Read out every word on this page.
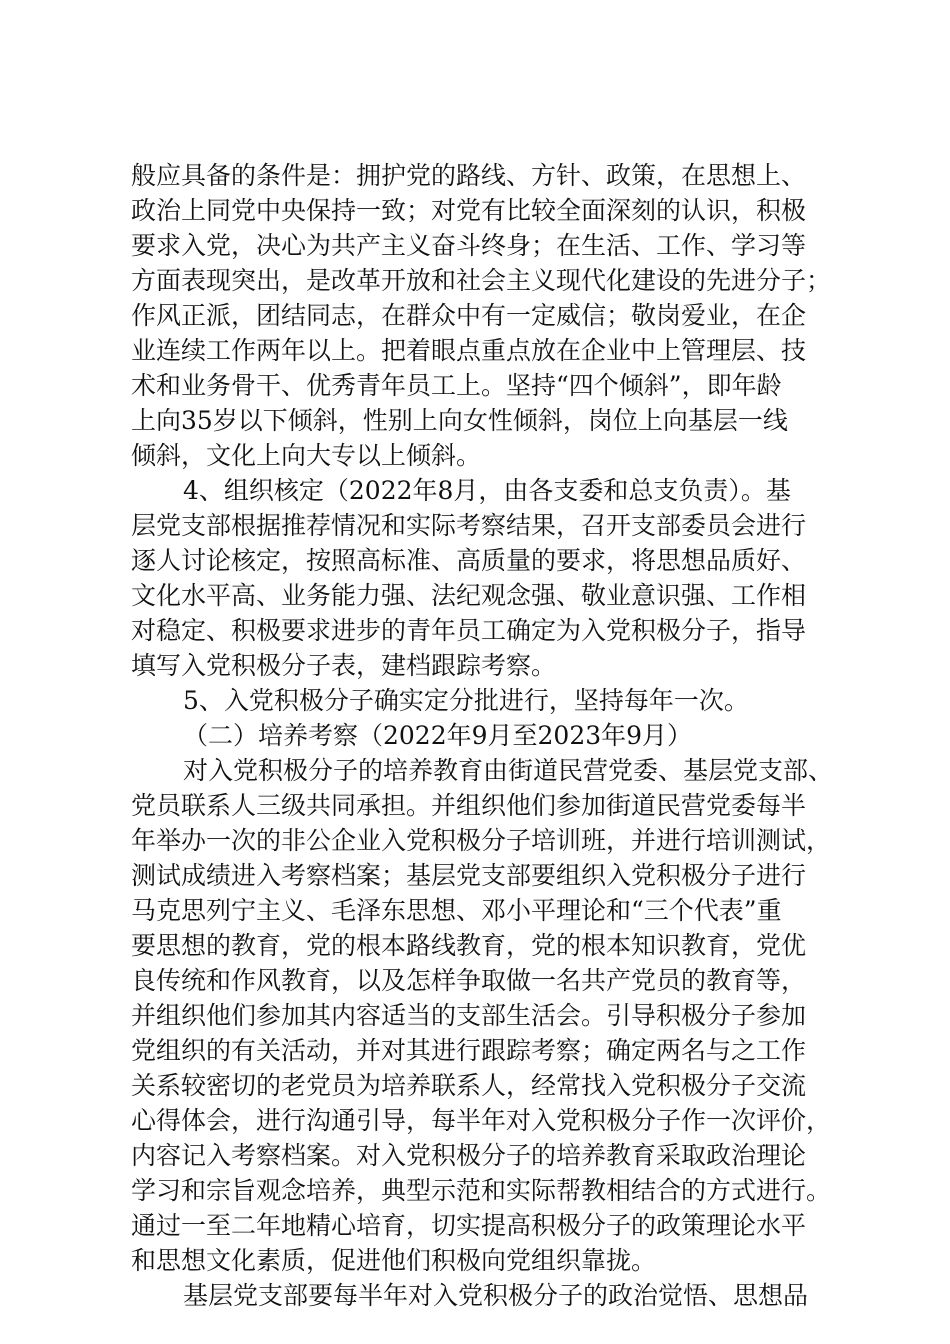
般应具备的条件是：拥护党的路线、方针、政策，在思想上、
政治上同党中央保持一致；对党有比较全面深刻的认识，积极
要求入党，决心为共产主义奋斗终身；在生活、工作、学习等
方面表现突出，是改革开放和社会主义现代化建设的先进分子；
作风正派，团结同志，在群众中有一定威信；敬岗爱业，在企
业连续工作两年以上。把着眼点重点放在企业中上管理层、技
术和业务骨干、优秀青年员工上。坚持“四个倾斜”，即年龄
上向35岁以下倾斜，性别上向女性倾斜，岗位上向基层一线
倾斜，文化上向大专以上倾斜。
4、组织核定（2022年8月，由各支委和总支负责）。基
层党支部根据推荐情况和实际考察结果，召开支部委员会进行
逐人讨论核定，按照高标准、高质量的要求，将思想品质好、
文化水平高、业务能力强、法纪观念强、敬业意识强、工作相
对稳定、积极要求进步的青年员工确定为入党积极分子，指导
填写入党积极分子表，建档跟踪考察。
5、入党积极分子确实定分批进行，坚持每年一次。
（二）培养考察（2022年9月至2023年9月）
对入党积极分子的培养教育由街道民营党委、基层党支部、
党员联系人三级共同承担。并组织他们参加街道民营党委每半
年举办一次的非公企业入党积极分子培训班，并进行培训测试，
测试成绩进入考察档案；基层党支部要组织入党积极分子进行
马克思列宁主义、毛泽东思想、邓小平理论和“三个代表”重
要思想的教育，党的根本路线教育，党的根本知识教育，党优
良传统和作风教育，以及怎样争取做一名共产党员的教育等，
并组织他们参加其内容适当的支部生活会。引导积极分子参加
党组织的有关活动，并对其进行跟踪考察；确定两名与之工作
关系较密切的老党员为培养联系人，经常找入党积极分子交流
心得体会，进行沟通引导，每半年对入党积极分子作一次评价，
内容记入考察档案。对入党积极分子的培养教育采取政治理论
学习和宗旨观念培养，典型示范和实际帮教相结合的方式进行。
通过一至二年地精心培育，切实提高积极分子的政策理论水平
和思想文化素质，促进他们积极向党组织靠拢。
基层党支部要每半年对入党积极分子的政治觉悟、思想品
